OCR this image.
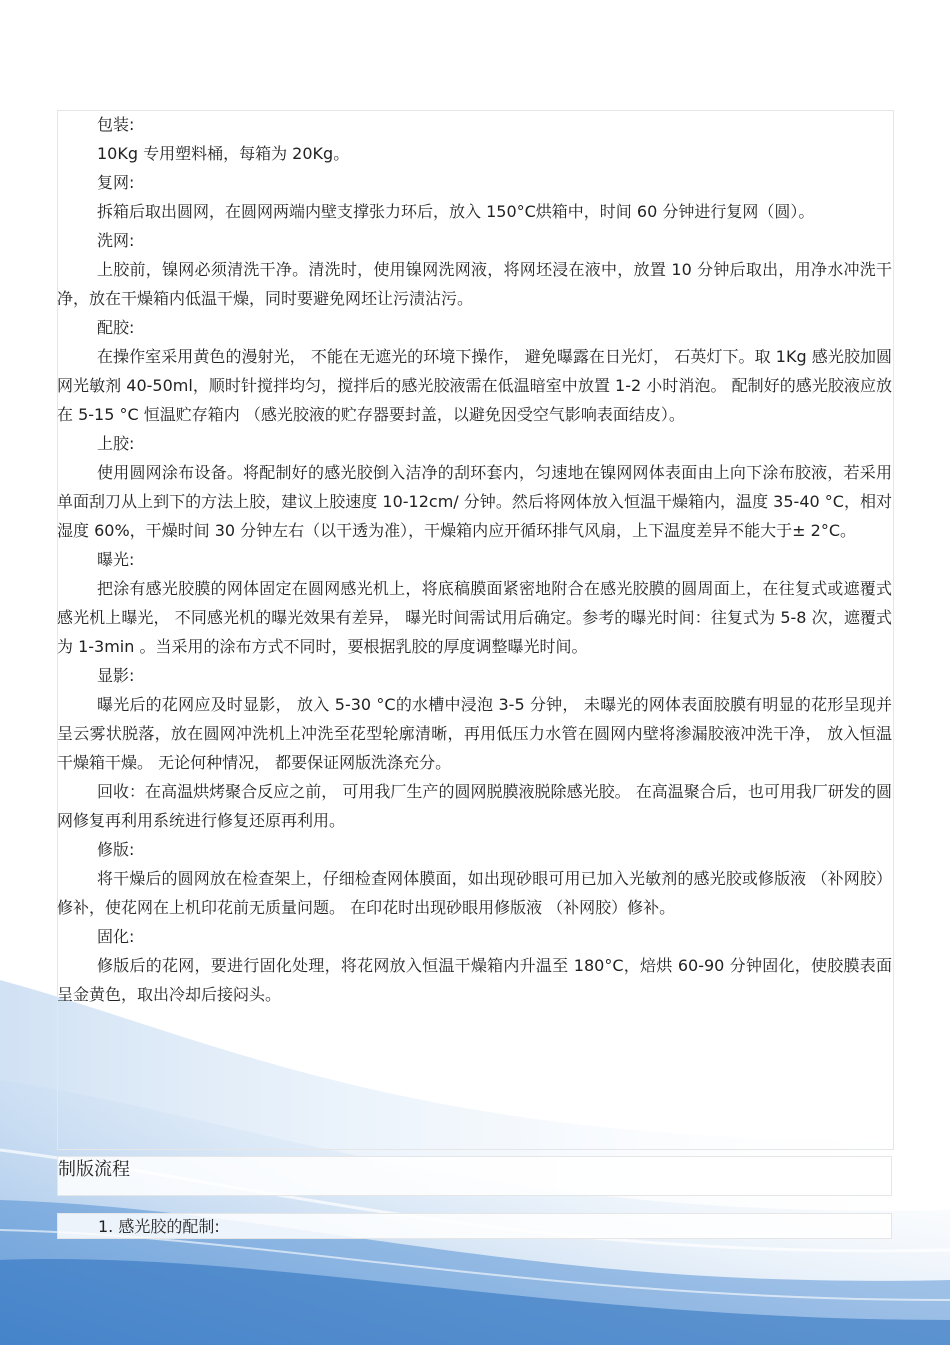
包装:

10Kg 专用塑料桶，每箱为 20Kg。

复网:

拆箱后取出圆网，在圆网两端内壁支撑张力环后，放入 150°C烘箱中，时间 60 分钟进行复网（圆）。

洗网:

上胶前，镍网必须清洗干净。清洗时，使用镍网洗网液，将网坯浸在液中，放置 10 分钟后取出，用净水冲洗干净，放在干燥箱内低温干燥，同时要避免网坯让污渍沾污。

配胶:

在操作室采用黄色的漫射光， 不能在无遮光的环境下操作， 避免曝露在日光灯， 石英灯下。取 1Kg 感光胶加圆网光敏剂 40-50ml，顺时针搅拌均匀，搅拌后的感光胶液需在低温暗室中放置 1-2 小时消泡。 配制好的感光胶液应放在 5-15 °C 恒温贮存箱内 （感光胶液的贮存器要封盖，以避免因受空气影响表面结皮）。

上胶:

使用圆网涂布设备。将配制好的感光胶倒入洁净的刮环套内，匀速地在镍网网体表面由上向下涂布胶液，若采用单面刮刀从上到下的方法上胶，建议上胶速度 10-12cm/ 分钟。然后将网体放入恒温干燥箱内，温度 35-40 °C，相对湿度 60%，干燥时间 30 分钟左右（以干透为准），干燥箱内应开循环排气风扇，上下温度差异不能大于± 2°C。

曝光:

把涂有感光胶膜的网体固定在圆网感光机上，将底稿膜面紧密地附合在感光胶膜的圆周面上，在往复式或遮覆式感光机上曝光， 不同感光机的曝光效果有差异， 曝光时间需试用后确定。参考的曝光时间：往复式为 5-8 次，遮覆式为 1-3min 。当采用的涂布方式不同时，要根据乳胶的厚度调整曝光时间。

显影:

曝光后的花网应及时显影， 放入 5-30 °C的水槽中浸泡 3-5 分钟， 未曝光的网体表面胶膜有明显的花形呈现并呈云雾状脱落，放在圆网冲洗机上冲洗至花型轮廓清晰，再用低压力水管在圆网内壁将渗漏胶液冲洗干净， 放入恒温干燥箱干燥。 无论何种情况， 都要保证网版洗涤充分。

回收：在高温烘烤聚合反应之前， 可用我厂生产的圆网脱膜液脱除感光胶。 在高温聚合后，也可用我厂研发的圆网修复再利用系统进行修复还原再利用。

修版:

将干燥后的圆网放在检查架上，仔细检查网体膜面，如出现砂眼可用已加入光敏剂的感光胶或修版液 （补网胶） 修补，使花网在上机印花前无质量问题。 在印花时出现砂眼用修版液 （补网胶）修补。

固化:

修版后的花网，要进行固化处理，将花网放入恒温干燥箱内升温至 180°C，焙烘 60-90 分钟固化，使胶膜表面呈金黄色，取出冷却后接闷头。

制版流程
1. 感光胶的配制:
